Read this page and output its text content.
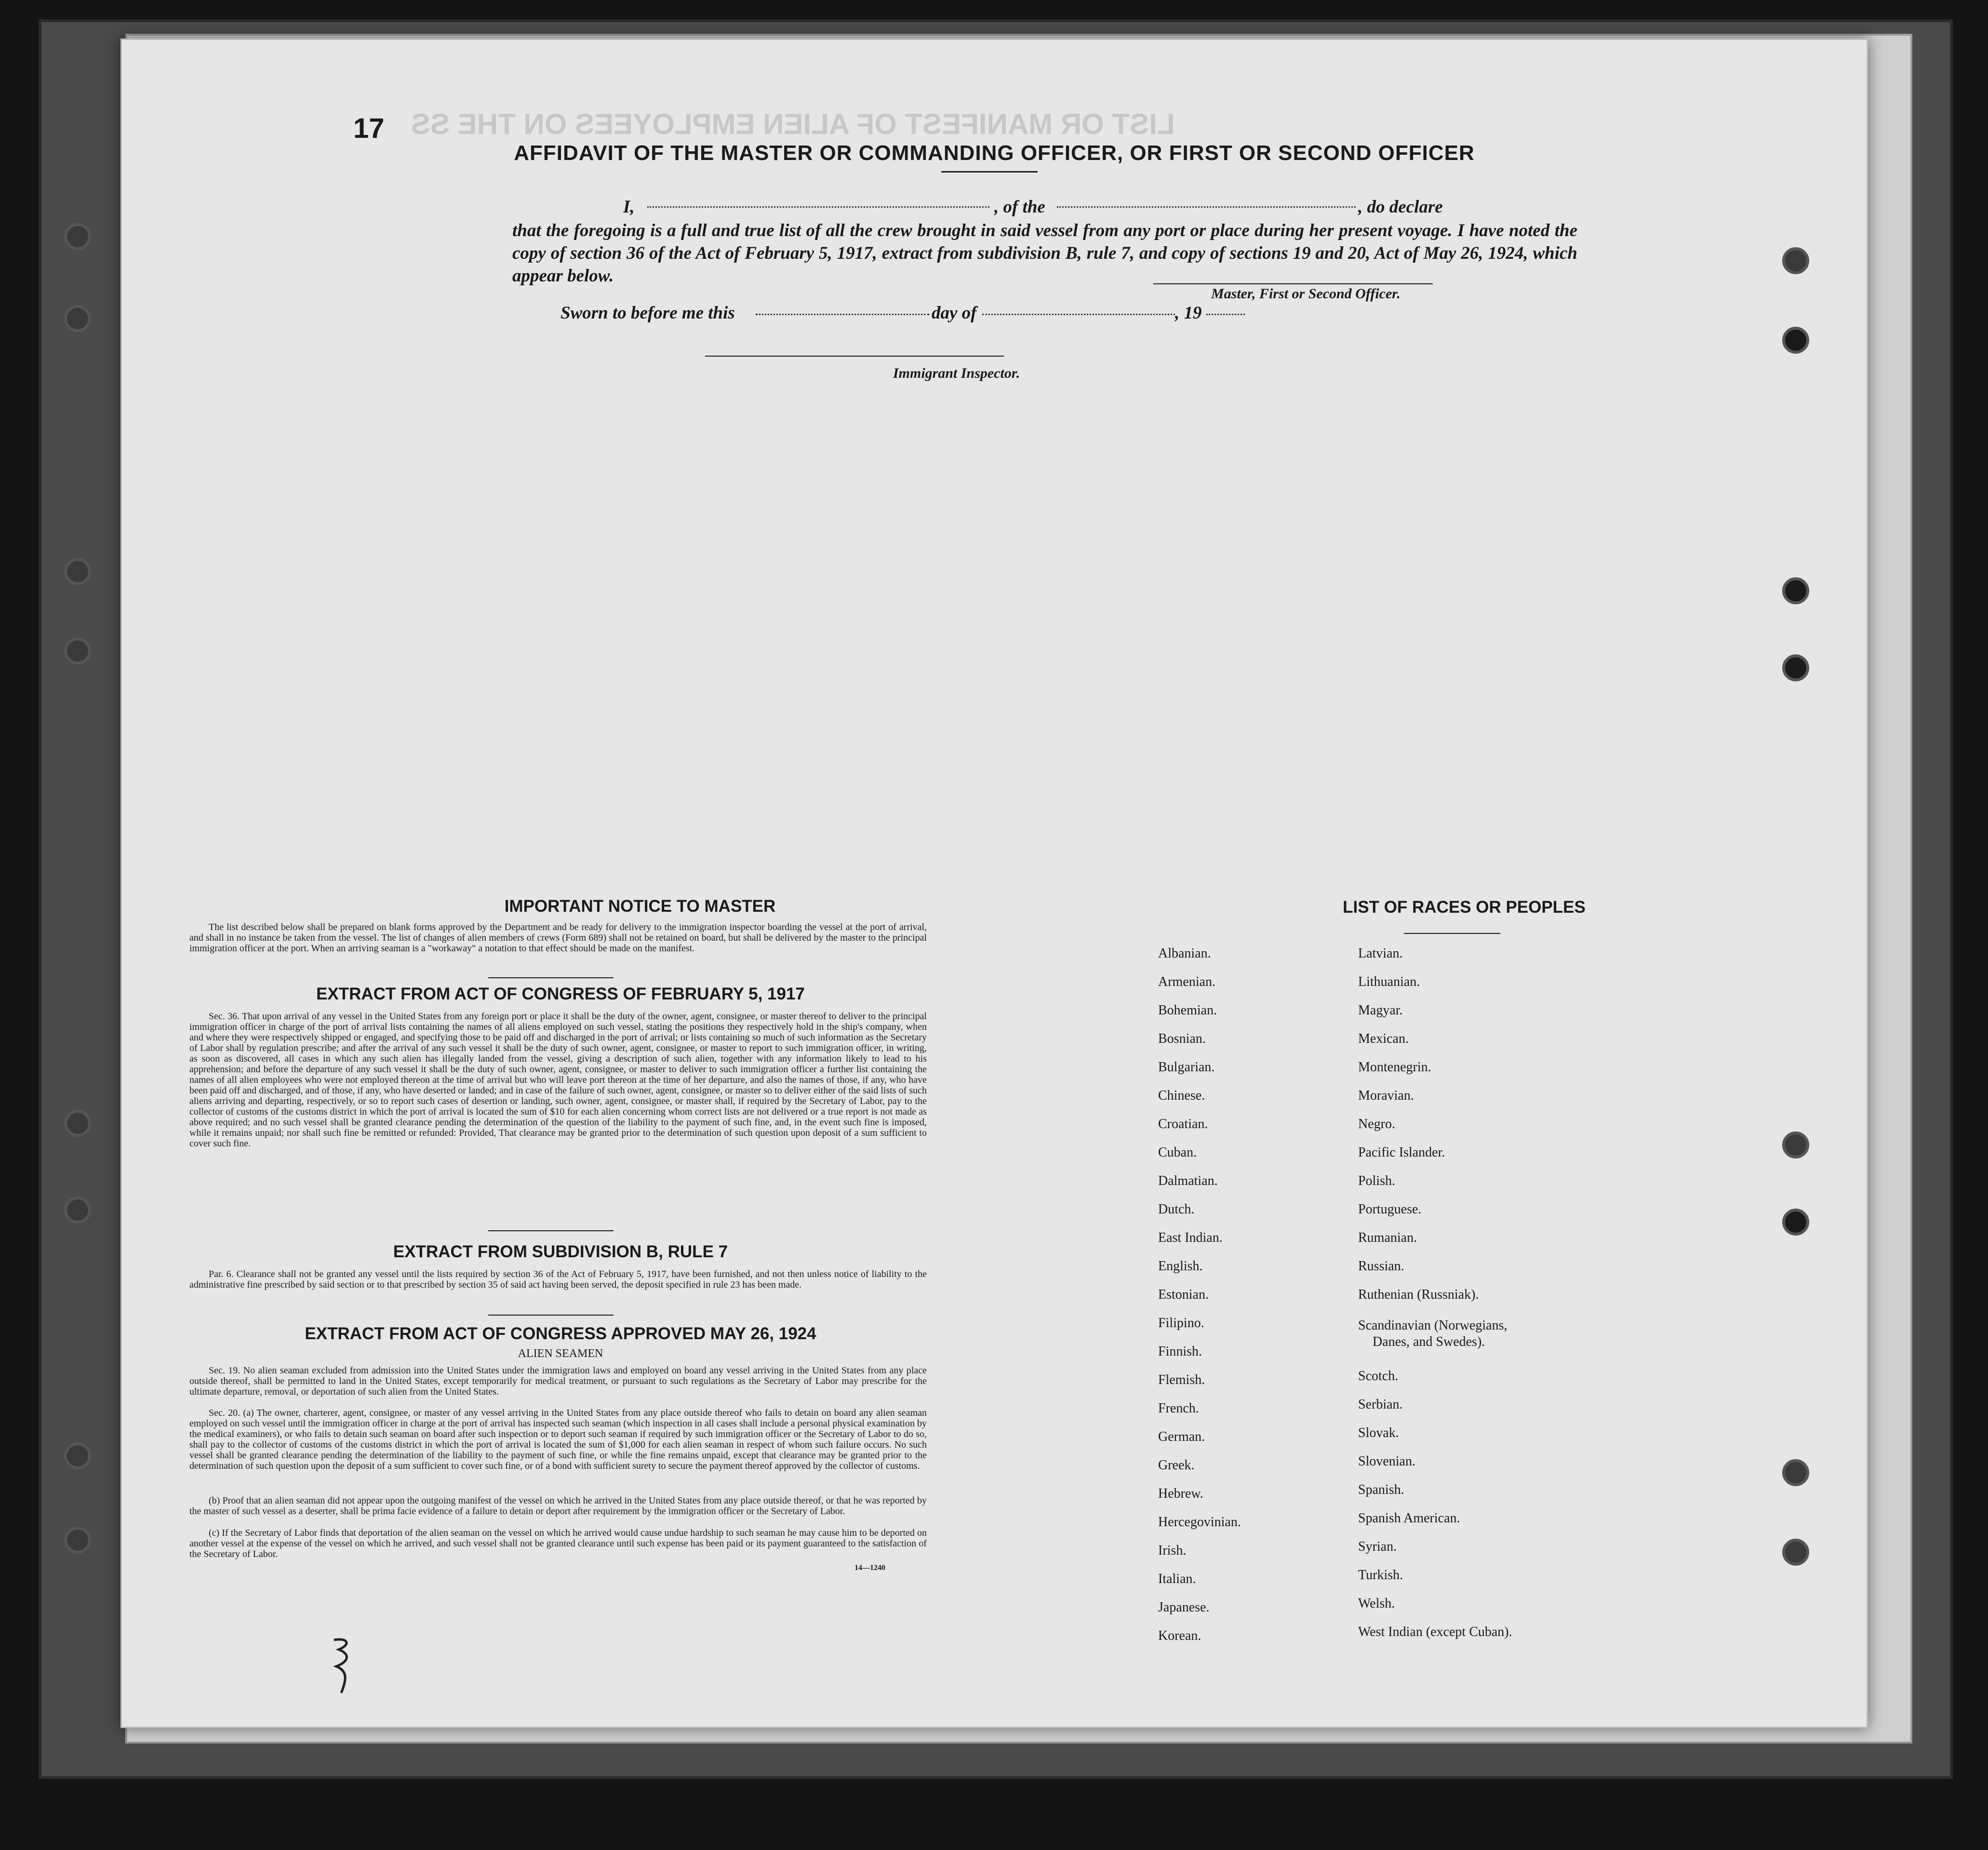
LIST OR MANIFEST OF ALIEN EMPLOYEES ON THE SS
17
AFFIDAVIT OF THE MASTER OR COMMANDING OFFICER, OR FIRST OR SECOND OFFICER
I,	, of the	, do declare
that the foregoing is a full and true list of all the crew brought in said vessel from any port or place during her present voyage. I have noted the copy of section 36 of the Act of February 5, 1917, extract from subdivision B, rule 7, and copy of sections 19 and 20, Act of May 26, 1924, which appear below.
Master, First or Second Officer.
Sworn to before me this	day of	, 19
Immigrant Inspector.
IMPORTANT NOTICE TO MASTER
The list described below shall be prepared on blank forms approved by the Department and be ready for delivery to the immigration inspector boarding the vessel at the port of arrival, and shall in no instance be taken from the vessel. The list of changes of alien members of crews (Form 689) shall not be retained on board, but shall be delivered by the master to the principal immigration officer at the port. When an arriving seaman is a "workaway" a notation to that effect should be made on the manifest.
EXTRACT FROM ACT OF CONGRESS OF FEBRUARY 5, 1917
Sec. 36. That upon arrival of any vessel in the United States from any foreign port or place it shall be the duty of the owner, agent, consignee, or master thereof to deliver to the principal immigration officer in charge of the port of arrival lists containing the names of all aliens employed on such vessel, stating the positions they respectively hold in the ship's company, when and where they were respectively shipped or engaged, and specifying those to be paid off and discharged in the port of arrival; or lists containing so much of such information as the Secretary of Labor shall by regulation prescribe; and after the arrival of any such vessel it shall be the duty of such owner, agent, consignee, or master to report to such immigration officer, in writing, as soon as discovered, all cases in which any such alien has illegally landed from the vessel, giving a description of such alien, together with any information likely to lead to his apprehension; and before the departure of any such vessel it shall be the duty of such owner, agent, consignee, or master to deliver to such immigration officer a further list containing the names of all alien employees who were not employed thereon at the time of arrival but who will leave port thereon at the time of her departure, and also the names of those, if any, who have been paid off and discharged, and of those, if any, who have deserted or landed; and in case of the failure of such owner, agent, consignee, or master so to deliver either of the said lists of such aliens arriving and departing, respectively, or so to report such cases of desertion or landing, such owner, agent, consignee, or master shall, if required by the Secretary of Labor, pay to the collector of customs of the customs district in which the port of arrival is located the sum of $10 for each alien concerning whom correct lists are not delivered or a true report is not made as above required; and no such vessel shall be granted clearance pending the determination of the question of the liability to the payment of such fine, and, in the event such fine is imposed, while it remains unpaid; nor shall such fine be remitted or refunded: Provided, That clearance may be granted prior to the determination of such question upon deposit of a sum sufficient to cover such fine.
EXTRACT FROM SUBDIVISION B, RULE 7
Par. 6. Clearance shall not be granted any vessel until the lists required by section 36 of the Act of February 5, 1917, have been furnished, and not then unless notice of liability to the administrative fine prescribed by said section or to that prescribed by section 35 of said act having been served, the deposit specified in rule 23 has been made.
EXTRACT FROM ACT OF CONGRESS APPROVED MAY 26, 1924
ALIEN SEAMEN
Sec. 19. No alien seaman excluded from admission into the United States under the immigration laws and employed on board any vessel arriving in the United States from any place outside thereof, shall be permitted to land in the United States, except temporarily for medical treatment, or pursuant to such regulations as the Secretary of Labor may prescribe for the ultimate departure, removal, or deportation of such alien from the United States.
Sec. 20. (a) The owner, charterer, agent, consignee, or master of any vessel arriving in the United States from any place outside thereof who fails to detain on board any alien seaman employed on such vessel until the immigration officer in charge at the port of arrival has inspected such seaman (which inspection in all cases shall include a personal physical examination by the medical examiners), or who fails to detain such seaman on board after such inspection or to deport such seaman if required by such immigration officer or the Secretary of Labor to do so, shall pay to the collector of customs of the customs district in which the port of arrival is located the sum of $1,000 for each alien seaman in respect of whom such failure occurs. No such vessel shall be granted clearance pending the determination of the liability to the payment of such fine, or while the fine remains unpaid, except that clearance may be granted prior to the determination of such question upon the deposit of a sum sufficient to cover such fine, or of a bond with sufficient surety to secure the payment thereof approved by the collector of customs.
(b) Proof that an alien seaman did not appear upon the outgoing manifest of the vessel on which he arrived in the United States from any place outside thereof, or that he was reported by the master of such vessel as a deserter, shall be prima facie evidence of a failure to detain or deport after requirement by the immigration officer or the Secretary of Labor.
(c) If the Secretary of Labor finds that deportation of the alien seaman on the vessel on which he arrived would cause undue hardship to such seaman he may cause him to be deported on another vessel at the expense of the vessel on which he arrived, and such vessel shall not be granted clearance until such expense has been paid or its payment guaranteed to the satisfaction of the Secretary of Labor.
14—1240
LIST OF RACES OR PEOPLES
Albanian.
Armenian.
Bohemian.
Bosnian.
Bulgarian.
Chinese.
Croatian.
Cuban.
Dalmatian.
Dutch.
East Indian.
English.
Estonian.
Filipino.
Finnish.
Flemish.
French.
German.
Greek.
Hebrew.
Hercegovinian.
Irish.
Italian.
Japanese.
Korean.
Latvian.
Lithuanian.
Magyar.
Mexican.
Montenegrin.
Moravian.
Negro.
Pacific Islander.
Polish.
Portuguese.
Rumanian.
Russian.
Ruthenian (Russniak).
Scandinavian (Norwegians,
Danes, and Swedes).
Scotch.
Serbian.
Slovak.
Slovenian.
Spanish.
Spanish American.
Syrian.
Turkish.
Welsh.
West Indian (except Cuban).
